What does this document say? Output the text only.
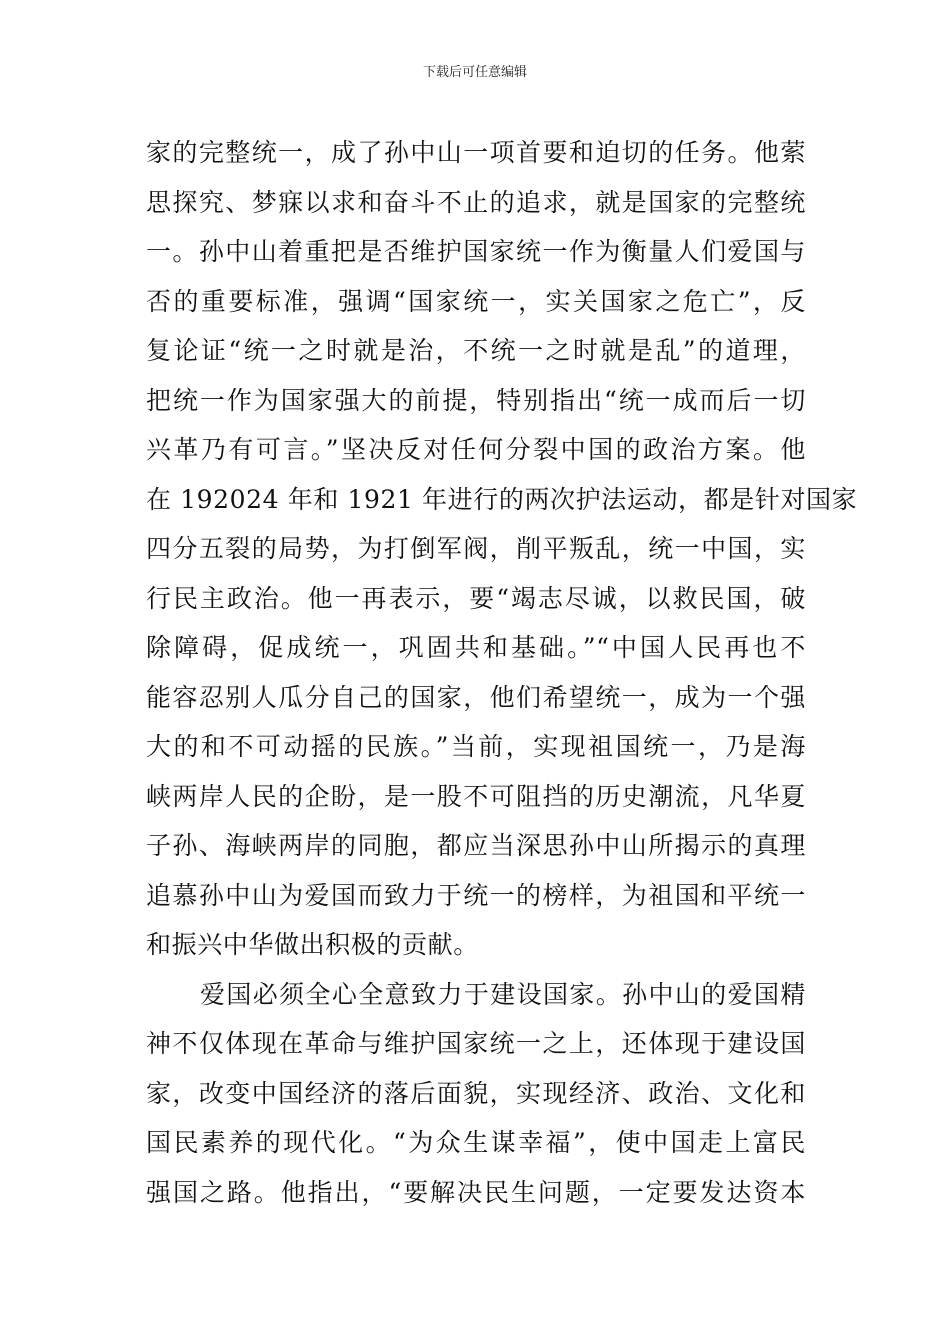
下载后可任意编辑
家的完整统一，成了孙中山一项首要和迫切的任务。他萦
思探究、梦寐以求和奋斗不止的追求，就是国家的完整统
一。孙中山着重把是否维护国家统一作为衡量人们爱国与
否的重要标准，强调“国家统一，实关国家之危亡”，反
复论证“统一之时就是治，不统一之时就是乱”的道理，
把统一作为国家强大的前提，特别指出“统一成而后一切
兴革乃有可言。”坚决反对任何分裂中国的政治方案。他
在 192024 年和 1921 年进行的两次护法运动，都是针对国家
四分五裂的局势，为打倒军阀，削平叛乱，统一中国，实
行民主政治。他一再表示，要“竭志尽诚，以救民国，破
除障碍，促成统一，巩固共和基础。”“中国人民再也不
能容忍别人瓜分自己的国家，他们希望统一，成为一个强
大的和不可动摇的民族。”当前，实现祖国统一，乃是海
峡两岸人民的企盼，是一股不可阻挡的历史潮流，凡华夏
子孙、海峡两岸的同胞，都应当深思孙中山所揭示的真理
追慕孙中山为爱国而致力于统一的榜样，为祖国和平统一
和振兴中华做出积极的贡献。
爱国必须全心全意致力于建设国家。孙中山的爱国精
神不仅体现在革命与维护国家统一之上，还体现于建设国
家，改变中国经济的落后面貌，实现经济、政治、文化和
国民素养的现代化。“为众生谋幸福”，使中国走上富民
强国之路。他指出，“要解决民生问题，一定要发达资本
